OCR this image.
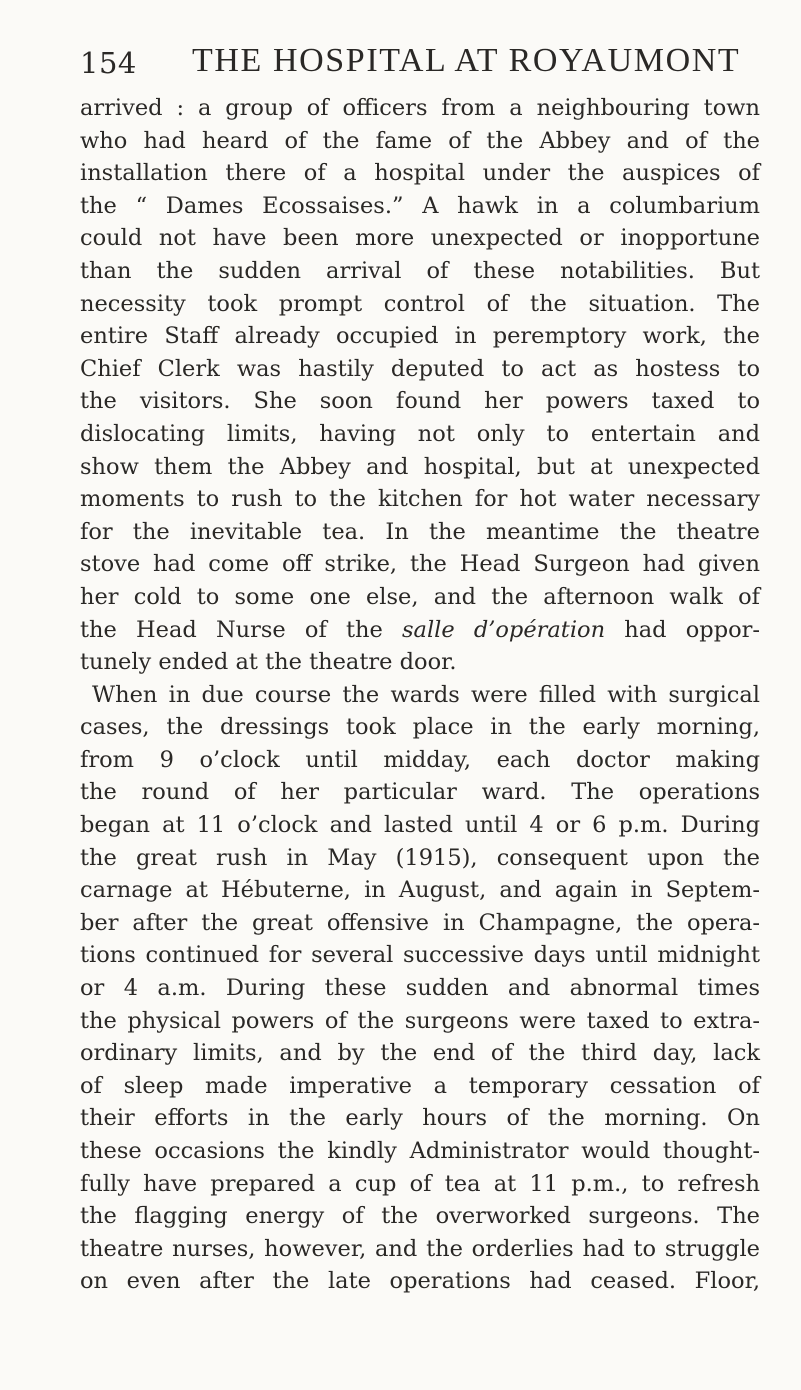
154 THE HOSPITAL AT ROYAUMONT
arrived : a group of officers from a neighbouring town
who had heard of the fame of the Abbey and of the
installation there of a hospital under the auspices of
the “ Dames Ecossaises.” A hawk in a columbarium
could not have been more unexpected or inopportune
than the sudden arrival of these notabilities. But
necessity took prompt control of the situation. The
entire Staff already occupied in peremptory work, the
Chief Clerk was hastily deputed to act as hostess to
the visitors. She soon found her powers taxed to
dislocating limits, having not only to entertain and
show them the Abbey and hospital, but at unexpected
moments to rush to the kitchen for hot water necessary
for the inevitable tea. In the meantime the theatre
stove had come off strike, the Head Surgeon had given
her cold to some one else, and the afternoon walk of
the Head Nurse of the salle d’opération had oppor-
tunely ended at the theatre door.
When in due course the wards were filled with surgical
cases, the dressings took place in the early morning,
from 9 o’clock until midday, each doctor making
the round of her particular ward. The operations
began at 11 o’clock and lasted until 4 or 6 p.m. During
the great rush in May (1915), consequent upon the
carnage at Hébuterne, in August, and again in Septem-
ber after the great offensive in Champagne, the opera-
tions continued for several successive days until midnight
or 4 a.m. During these sudden and abnormal times
the physical powers of the surgeons were taxed to extra-
ordinary limits, and by the end of the third day, lack
of sleep made imperative a temporary cessation of
their efforts in the early hours of the morning. On
these occasions the kindly Administrator would thought-
fully have prepared a cup of tea at 11 p.m., to refresh
the flagging energy of the overworked surgeons. The
theatre nurses, however, and the orderlies had to struggle
on even after the late operations had ceased. Floor,
